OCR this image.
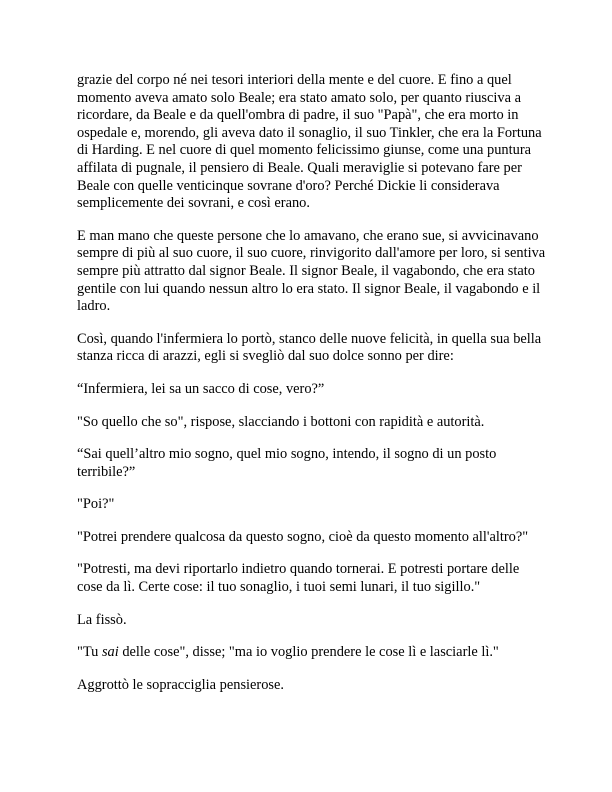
grazie del corpo né nei tesori interiori della mente e del cuore. E fino a quel momento aveva amato solo Beale; era stato amato solo, per quanto riusciva a ricordare, da Beale e da quell'ombra di padre, il suo "Papà", che era morto in ospedale e, morendo, gli aveva dato il sonaglio, il suo Tinkler, che era la Fortuna di Harding. E nel cuore di quel momento felicissimo giunse, come una puntura affilata di pugnale, il pensiero di Beale. Quali meraviglie si potevano fare per Beale con quelle venticinque sovrane d'oro? Perché Dickie li considerava semplicemente dei sovrani, e così erano.

E man mano che queste persone che lo amavano, che erano sue, si avvicinavano sempre di più al suo cuore, il suo cuore, rinvigorito dall'amore per loro, si sentiva sempre più attratto dal signor Beale. Il signor Beale, il vagabondo, che era stato gentile con lui quando nessun altro lo era stato. Il signor Beale, il vagabondo e il ladro.

Così, quando l'infermiera lo portò, stanco delle nuove felicità, in quella sua bella stanza ricca di arazzi, egli si svegliò dal suo dolce sonno per dire:

“Infermiera, lei sa un sacco di cose, vero?”

"So quello che so", rispose, slacciando i bottoni con rapidità e autorità.

“Sai quell’altro mio sogno, quel mio sogno, intendo, il sogno di un posto terribile?”

"Poi?"

"Potrei prendere qualcosa da questo sogno, cioè da questo momento all'altro?"

"Potresti, ma devi riportarlo indietro quando tornerai. E potresti portare delle cose da lì. Certe cose: il tuo sonaglio, i tuoi semi lunari, il tuo sigillo."

La fissò.

"Tu sai delle cose", disse; "ma io voglio prendere le cose lì e lasciarle lì."

Aggrottò le sopracciglia pensierose.
